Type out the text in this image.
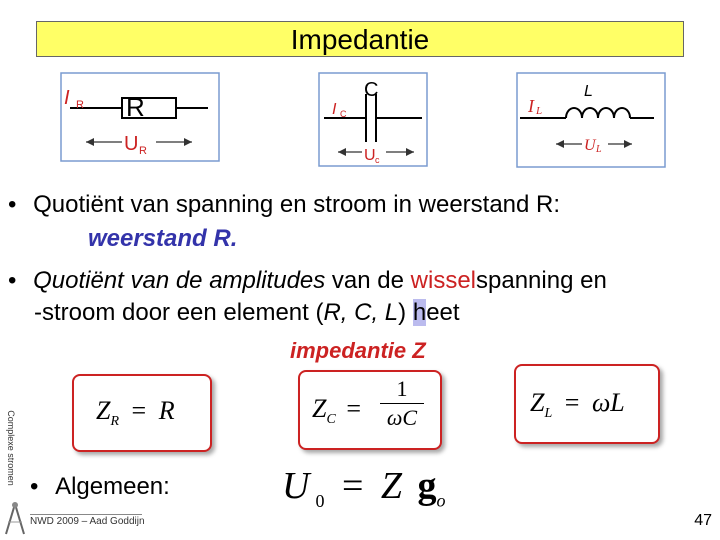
Impedantie
I R R
U R
I C
C
U c
I L
L
U L
• Quotiënt van spanning en stroom in weerstand R:
weerstand R.
• Quotiënt van de amplitudes van de wisselspanning en
-stroom door een element (R, C, L) heet
impedantie Z
$Z_R = R$	$Z_C$ =
1
ωC
$Z_L = \omega L$
• Algemeen:	U $_0$ = Z $g_o$
Complexe stromen
NWD 2009 – Aad Goddijn	47
